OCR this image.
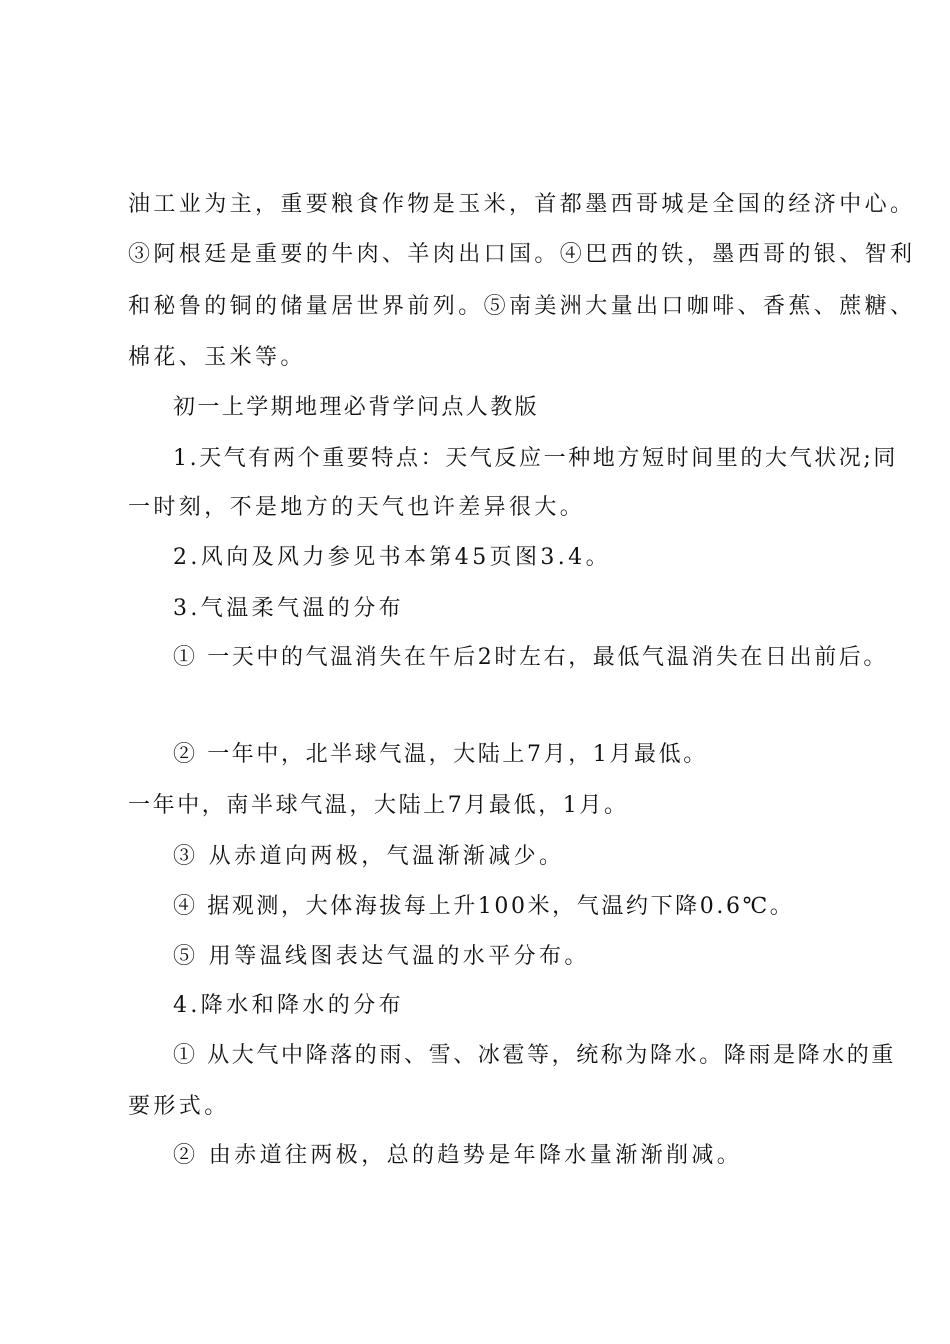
油工业为主，重要粮食作物是玉米，首都墨西哥城是全国的经济中心。
③阿根廷是重要的牛肉、羊肉出口国。④巴西的铁，墨西哥的银、智利
和秘鲁的铜的储量居世界前列。⑤南美洲大量出口咖啡、香蕉、蔗糖、
棉花、玉米等。
初一上学期地理必背学问点人教版
1.天气有两个重要特点：天气反应一种地方短时间里的大气状况;同
一时刻，不是地方的天气也许差异很大。
2.风向及风力参见书本第45页图3.4。
3.气温柔气温的分布
① 一天中的气温消失在午后2时左右，最低气温消失在日出前后。
② 一年中，北半球气温，大陆上7月，1月最低。
一年中，南半球气温，大陆上7月最低，1月。
③ 从赤道向两极，气温渐渐减少。
④ 据观测，大体海拔每上升100米，气温约下降0.6℃。
⑤ 用等温线图表达气温的水平分布。
4.降水和降水的分布
① 从大气中降落的雨、雪、冰雹等，统称为降水。降雨是降水的重
要形式。
② 由赤道往两极，总的趋势是年降水量渐渐削减。
